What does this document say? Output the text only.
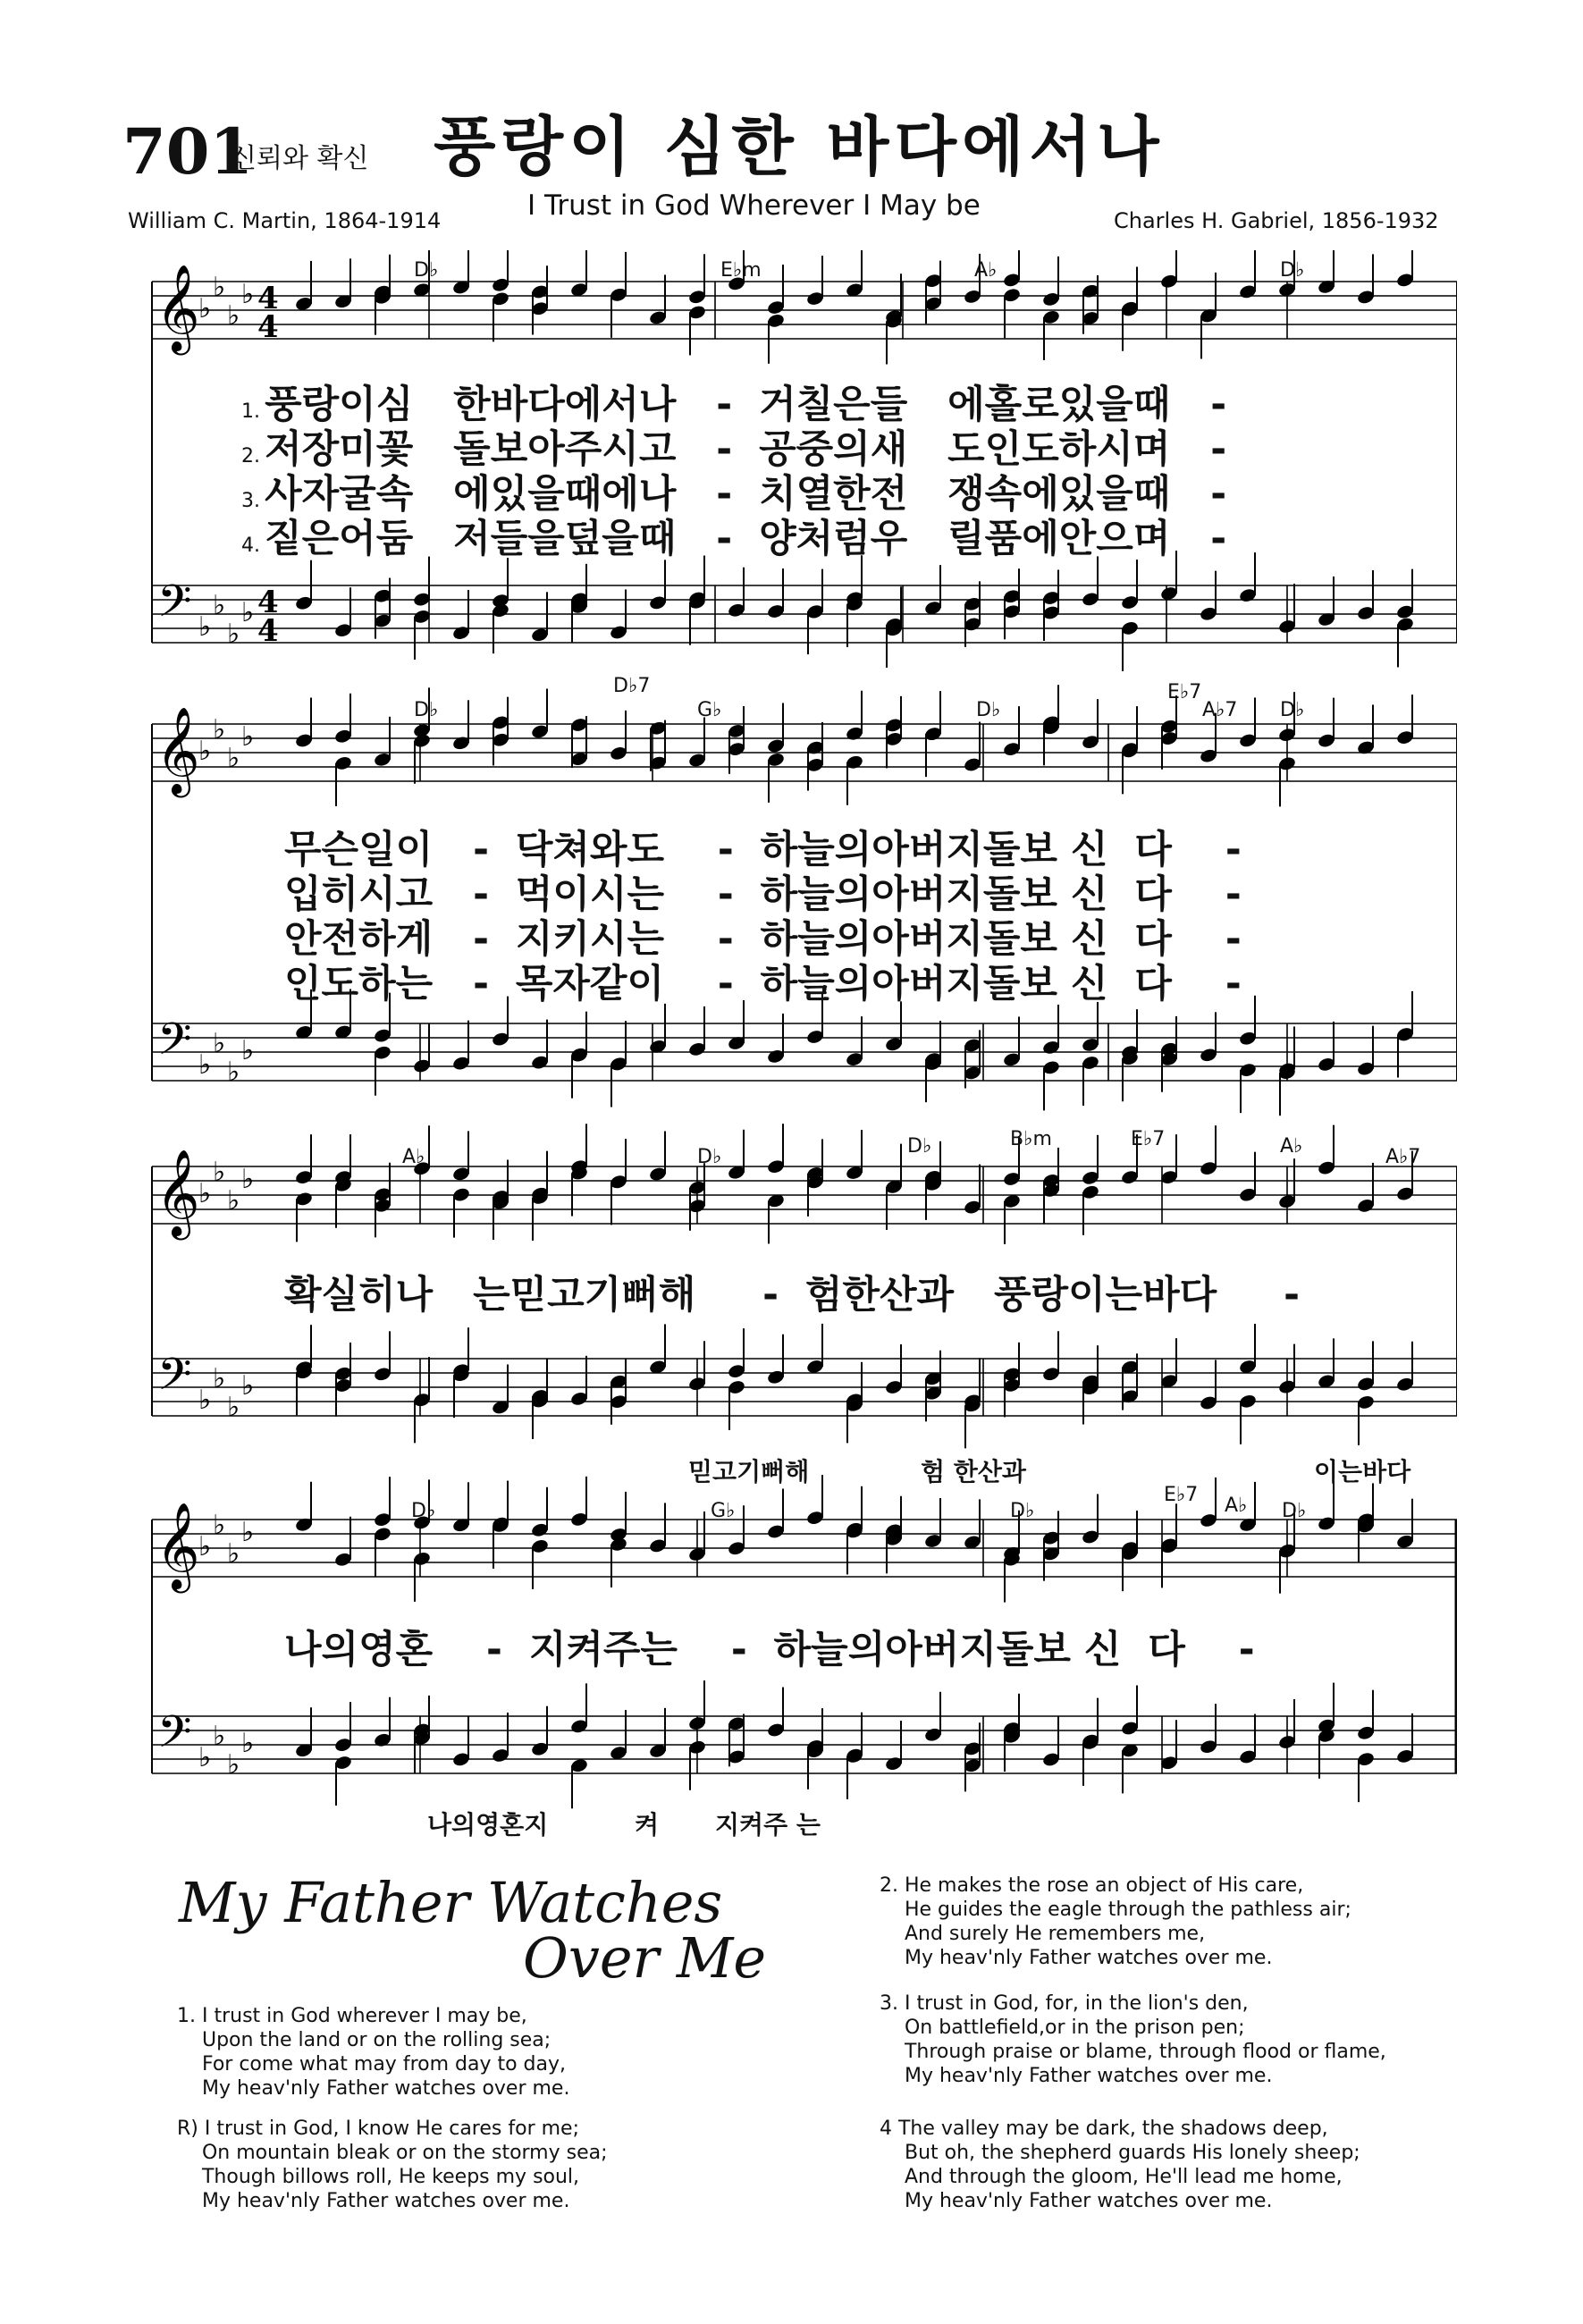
701
신뢰와 확신 풍랑이 심한 바다에서나
I Trust in God Wherever I May be
William C. Martin, 1864-1914	Charles H. Gabriel, 1856-1932
𝄞
𝄢
♭
♭
♭
♭
♭
♭
♭
♭
4
4
4
4
𝄞
𝄢
♭
♭
♭
♭
♭
♭
♭
♭
𝄞
𝄢
♭
♭
♭
♭
♭
♭
♭
♭
𝄞
𝄢
♭
♭
♭
♭
♭
♭
♭
♭
D♭	E♭m	A♭	D♭
D♭
D♭7
G♭	D♭
E♭7
A♭7 D♭
A♭	D♭	D♭	B♭m	E♭7	A♭	A♭7
D♭	G♭	D♭
E♭7 A♭ D♭
1. 풍랑이심   한바다에서나   -  거칠은들   에홀로있을때   -
2. 저장미꽃   돌보아주시고   -  공중의새   도인도하시며   -
3. 사자굴속   에있을때에나   -  치열한전   쟁속에있을때   -
4. 짙은어둠   저들을덮을때   -  양처럼우   릴품에안으며   -
무슨일이   -  닥쳐와도    -  하늘의아버지돌보 신  다    -
입히시고   -  먹이시는    -  하늘의아버지돌보 신  다    -
안전하게   -  지키시는    -  하늘의아버지돌보 신  다    -
인도하는   -  목자같이    -  하늘의아버지돌보 신  다    -
확실히나   는믿고기뻐해     -  험한산과   풍랑이는바다     -
믿고기뻐해	험 한산과	이는바다
나의영혼    -  지켜주는    -  하늘의아버지돌보 신  다    -
나의영혼지	켜 지켜주 는
My Father Watches
Over Me
1. I trust in God wherever I may be,
Upon the land or on the rolling sea;
For come what may from day to day,
My heav'nly Father watches over me.
R) I trust in God, I know He cares for me;
On mountain bleak or on the stormy sea;
Though billows roll, He keeps my soul,
My heav'nly Father watches over me.
2. He makes the rose an object of His care,
He guides the eagle through the pathless air;
And surely He remembers me,
My heav'nly Father watches over me.
3. I trust in God, for, in the lion's den,
On battlefield,or in the prison pen;
Through praise or blame, through flood or flame,
My heav'nly Father watches over me.
4 The valley may be dark, the shadows deep,
But oh, the shepherd guards His lonely sheep;
And through the gloom, He'll lead me home,
My heav'nly Father watches over me.
